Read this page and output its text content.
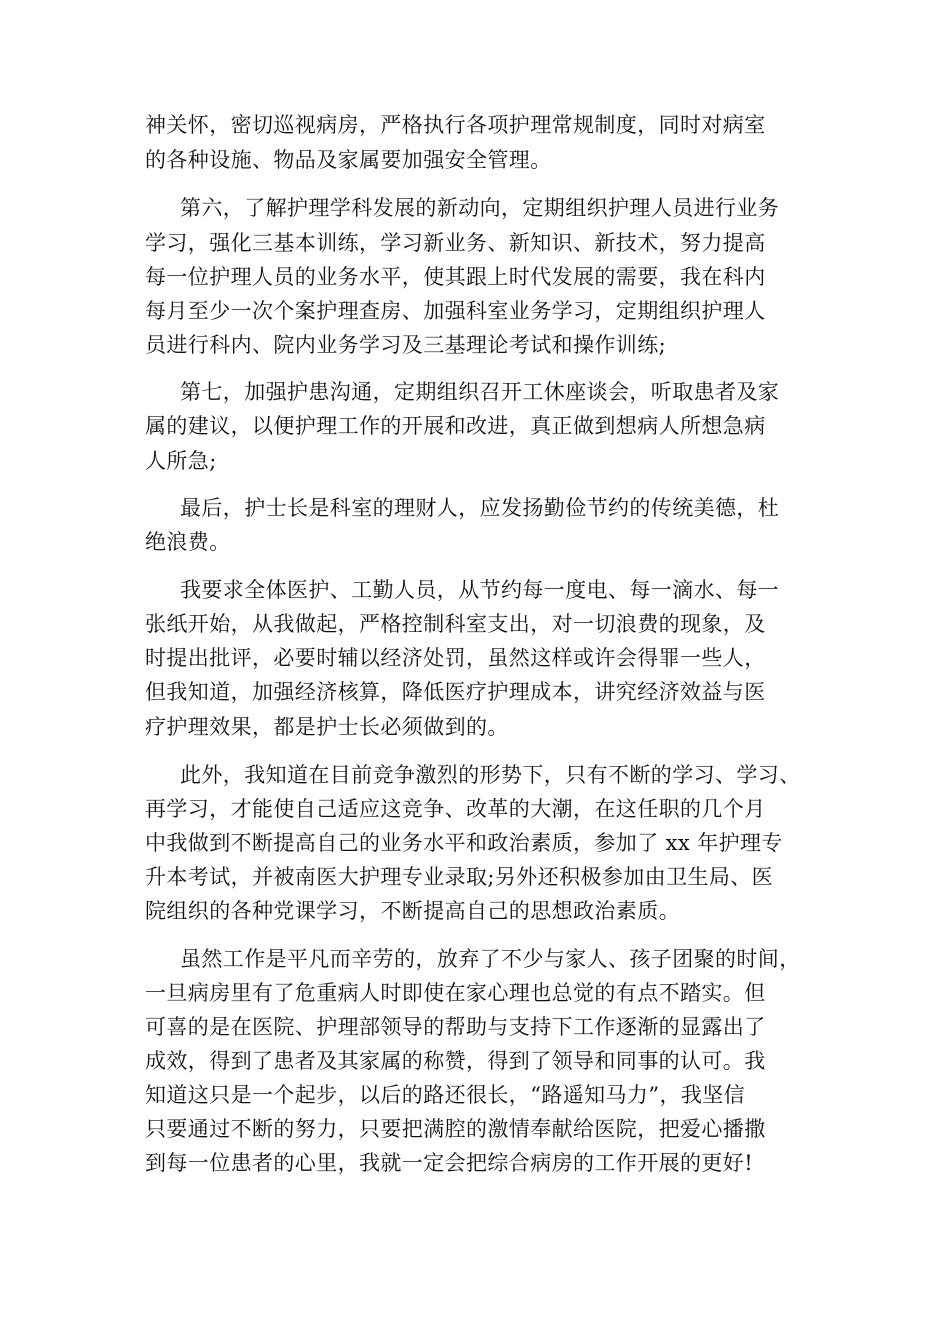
神关怀，密切巡视病房，严格执行各项护理常规制度，同时对病室
的各种设施、物品及家属要加强安全管理。
第六，了解护理学科发展的新动向，定期组织护理人员进行业务
学习，强化三基本训练，学习新业务、新知识、新技术，努力提高
每一位护理人员的业务水平，使其跟上时代发展的需要，我在科内
每月至少一次个案护理查房、加强科室业务学习，定期组织护理人
员进行科内、院内业务学习及三基理论考试和操作训练;
第七，加强护患沟通，定期组织召开工休座谈会，听取患者及家
属的建议，以便护理工作的开展和改进，真正做到想病人所想急病
人所急;
最后，护士长是科室的理财人，应发扬勤俭节约的传统美德，杜
绝浪费。
我要求全体医护、工勤人员，从节约每一度电、每一滴水、每一
张纸开始，从我做起，严格控制科室支出，对一切浪费的现象，及
时提出批评，必要时辅以经济处罚，虽然这样或许会得罪一些人，
但我知道，加强经济核算，降低医疗护理成本，讲究经济效益与医
疗护理效果，都是护士长必须做到的。
此外，我知道在目前竞争激烈的形势下，只有不断的学习、学习、
再学习，才能使自己适应这竞争、改革的大潮，在这任职的几个月
中我做到不断提高自己的业务水平和政治素质，参加了 xx 年护理专
升本考试，并被南医大护理专业录取;另外还积极参加由卫生局、医
院组织的各种党课学习，不断提高自己的思想政治素质。
虽然工作是平凡而辛劳的，放弃了不少与家人、孩子团聚的时间，
一旦病房里有了危重病人时即使在家心理也总觉的有点不踏实。但
可喜的是在医院、护理部领导的帮助与支持下工作逐渐的显露出了
成效，得到了患者及其家属的称赞，得到了领导和同事的认可。我
知道这只是一个起步，以后的路还很长，“路遥知马力”，我坚信
只要通过不断的努力，只要把满腔的激情奉献给医院，把爱心播撒
到每一位患者的心里，我就一定会把综合病房的工作开展的更好!
